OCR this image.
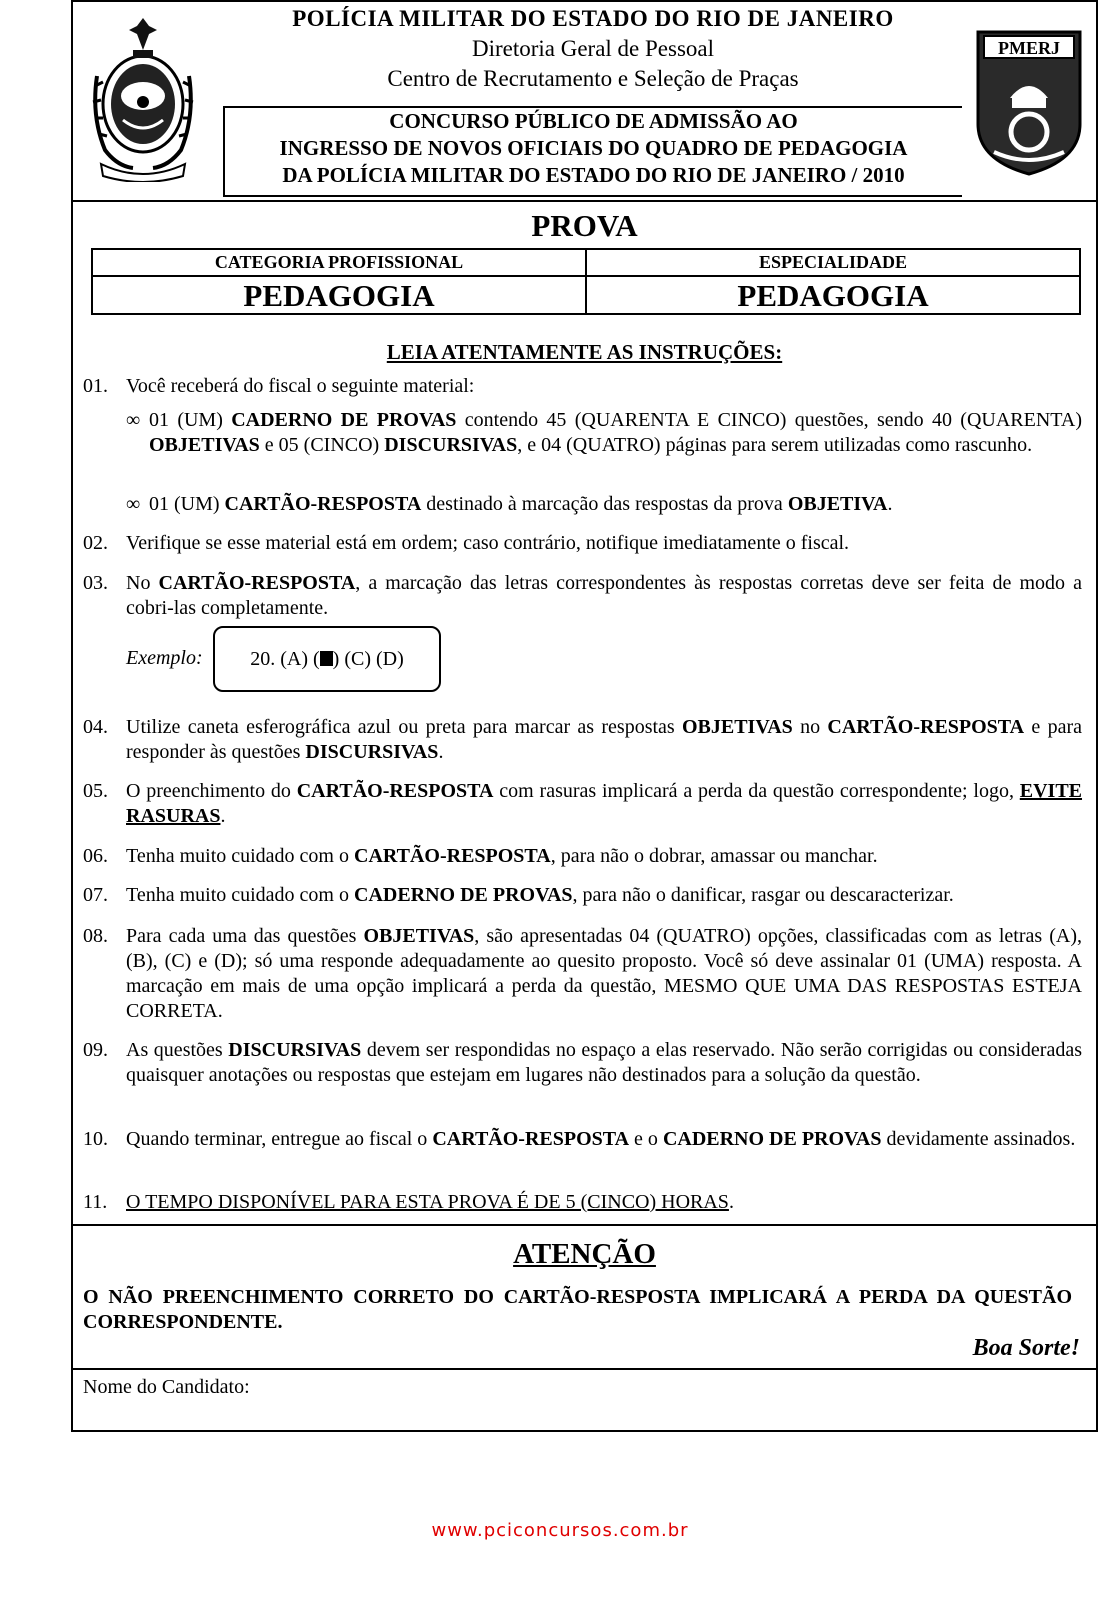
POLÍCIA MILITAR DO ESTADO DO RIO DE JANEIRO
Diretoria Geral de Pessoal
Centro de Recrutamento e Seleção de Praças
CONCURSO PÚBLICO DE ADMISSÃO AO
INGRESSO DE NOVOS OFICIAIS DO QUADRO DE PEDAGOGIA
DA POLÍCIA MILITAR DO ESTADO DO RIO DE JANEIRO / 2010
PMERJ
PROVA
CATEGORIA PROFISSIONAL
PEDAGOGIA
ESPECIALIDADE
PEDAGOGIA
LEIA ATENTAMENTE AS INSTRUÇÕES:
01. Você receberá do fiscal o seguinte material:
∞ 01 (UM) CADERNO DE PROVAS contendo 45 (QUARENTA E CINCO) questões, sendo 40 (QUARENTA) OBJETIVAS e 05 (CINCO) DISCURSIVAS, e 04 (QUATRO) páginas para serem utilizadas como rascunho.
∞ 01 (UM) CARTÃO-RESPOSTA destinado à marcação das respostas da prova OBJETIVA.
02. Verifique se esse material está em ordem; caso contrário, notifique imediatamente o fiscal.
03. No CARTÃO-RESPOSTA, a marcação das letras correspondentes às respostas corretas deve ser feita de modo a cobri-las completamente.
Exemplo:	20. (A) ( ) (C) (D)
04. Utilize caneta esferográfica azul ou preta para marcar as respostas OBJETIVAS no CARTÃO-RESPOSTA e para responder às questões DISCURSIVAS.
05. O preenchimento do CARTÃO-RESPOSTA com rasuras implicará a perda da questão correspondente; logo, EVITE RASURAS.
06. Tenha muito cuidado com o CARTÃO-RESPOSTA, para não o dobrar, amassar ou manchar.
07. Tenha muito cuidado com o CADERNO DE PROVAS, para não o danificar, rasgar ou descaracterizar.
08. Para cada uma das questões OBJETIVAS, são apresentadas 04 (QUATRO) opções, classificadas com as letras (A), (B), (C) e (D); só uma responde adequadamente ao quesito proposto. Você só deve assinalar 01 (UMA) resposta. A marcação em mais de uma opção implicará a perda da questão, MESMO QUE UMA DAS RESPOSTAS ESTEJA CORRETA.
09. As questões DISCURSIVAS devem ser respondidas no espaço a elas reservado. Não serão corrigidas ou consideradas quaisquer anotações ou respostas que estejam em lugares não destinados para a solução da questão.
10. Quando terminar, entregue ao fiscal o CARTÃO-RESPOSTA e o CADERNO DE PROVAS devidamente assinados.
11. O TEMPO DISPONÍVEL PARA ESTA PROVA É DE 5 (CINCO) HORAS.
ATENÇÃO
O NÃO PREENCHIMENTO CORRETO DO CARTÃO-RESPOSTA IMPLICARÁ A PERDA DA QUESTÃO CORRESPONDENTE.
Boa Sorte!
Nome do Candidato:
www.pciconcursos.com.br
